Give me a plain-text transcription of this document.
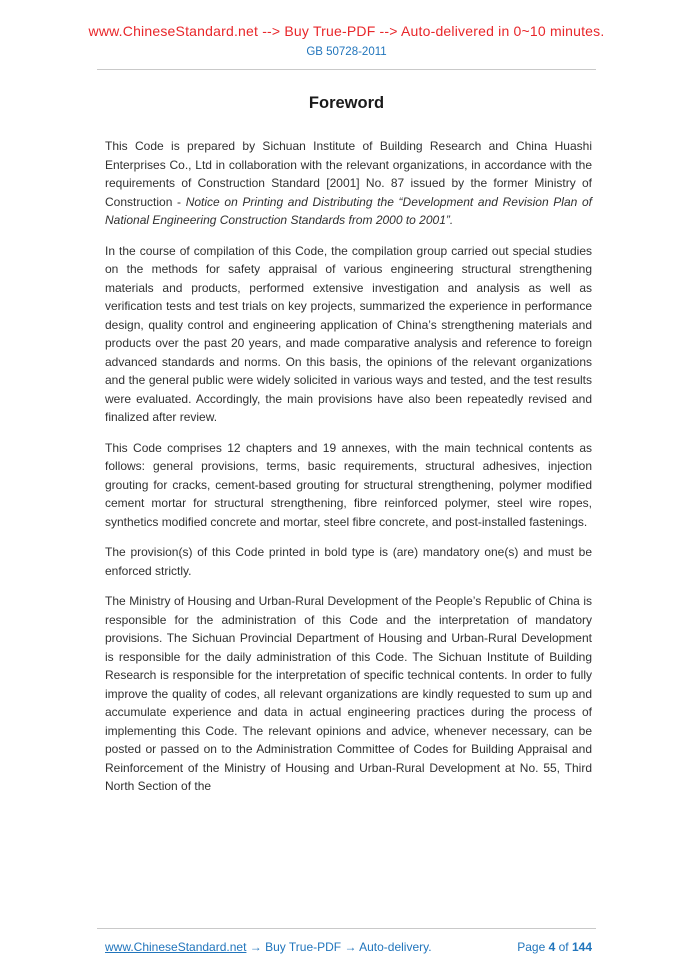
www.ChineseStandard.net --> Buy True-PDF --> Auto-delivered in 0~10 minutes.
GB 50728-2011
Foreword

This Code is prepared by Sichuan Institute of Building Research and China Huashi Enterprises Co., Ltd in collaboration with the relevant organizations, in accordance with the requirements of Construction Standard [2001] No. 87 issued by the former Ministry of Construction - Notice on Printing and Distributing the “Development and Revision Plan of National Engineering Construction Standards from 2000 to 2001”.

In the course of compilation of this Code, the compilation group carried out special studies on the methods for safety appraisal of various engineering structural strengthening materials and products, performed extensive investigation and analysis as well as verification tests and test trials on key projects, summarized the experience in performance design, quality control and engineering application of China’s strengthening materials and products over the past 20 years, and made comparative analysis and reference to foreign advanced standards and norms. On this basis, the opinions of the relevant organizations and the general public were widely solicited in various ways and tested, and the test results were evaluated. Accordingly, the main provisions have also been repeatedly revised and finalized after review.

This Code comprises 12 chapters and 19 annexes, with the main technical contents as follows: general provisions, terms, basic requirements, structural adhesives, injection grouting for cracks, cement-based grouting for structural strengthening, polymer modified cement mortar for structural strengthening, fibre reinforced polymer, steel wire ropes, synthetics modified concrete and mortar, steel fibre concrete, and post-installed fastenings.

The provision(s) of this Code printed in bold type is (are) mandatory one(s) and must be enforced strictly.

The Ministry of Housing and Urban-Rural Development of the People’s Republic of China is responsible for the administration of this Code and the interpretation of mandatory provisions. The Sichuan Provincial Department of Housing and Urban-Rural Development is responsible for the daily administration of this Code. The Sichuan Institute of Building Research is responsible for the interpretation of specific technical contents. In order to fully improve the quality of codes, all relevant organizations are kindly requested to sum up and accumulate experience and data in actual engineering practices during the process of implementing this Code. The relevant opinions and advice, whenever necessary, can be posted or passed on to the Administration Committee of Codes for Building Appraisal and Reinforcement of the Ministry of Housing and Urban-Rural Development at No. 55, Third North Section of the

www.ChineseStandard.net → Buy True-PDF → Auto-delivery.	Page 4 of 144
